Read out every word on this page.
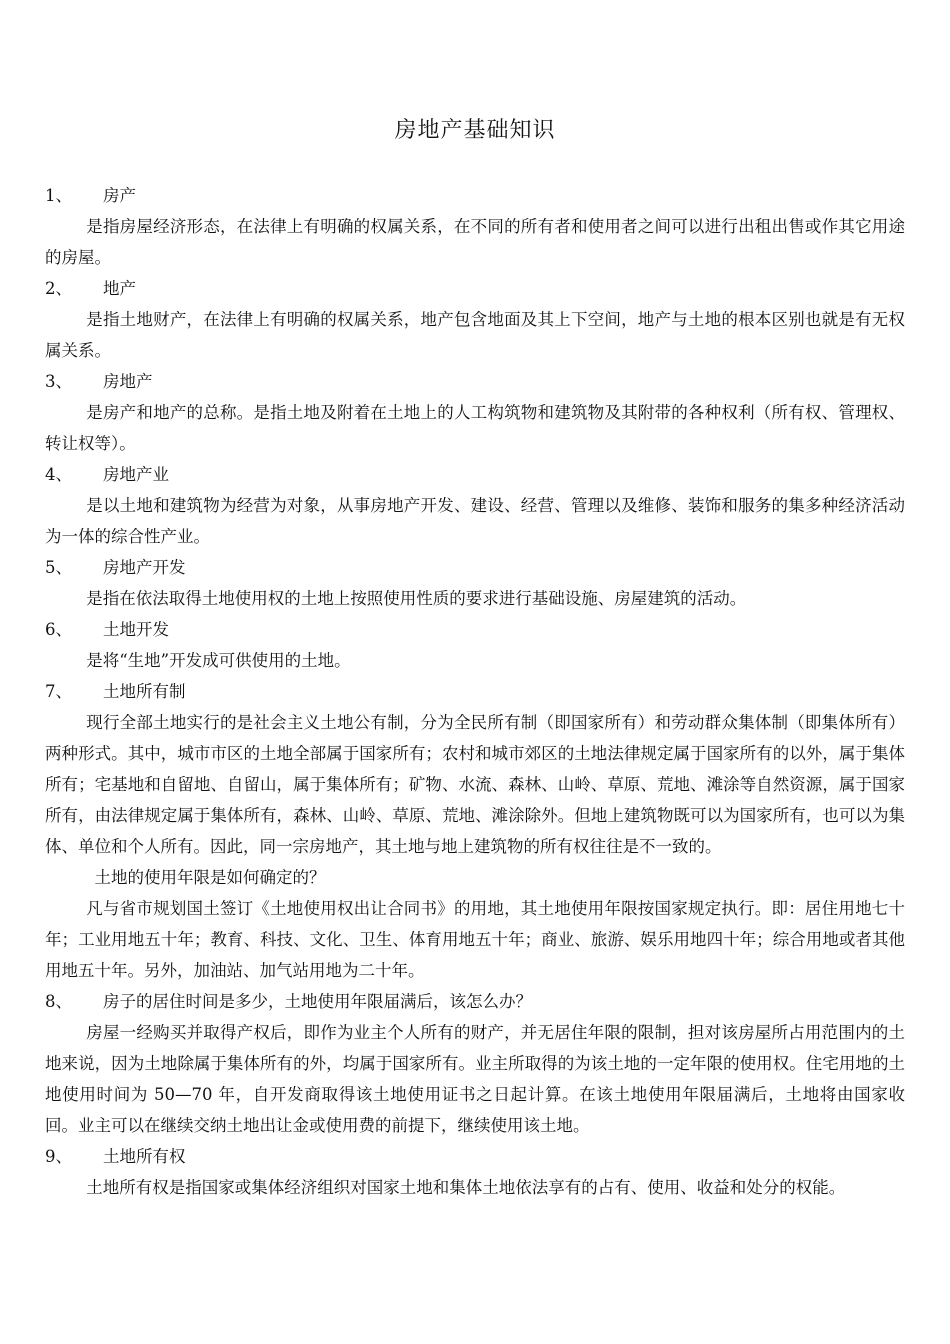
房地产基础知识

1、 房产

是指房屋经济形态，在法律上有明确的权属关系，在不同的所有者和使用者之间可以进行出租出售或作其它用途的房屋。

2、 地产

是指土地财产，在法律上有明确的权属关系，地产包含地面及其上下空间，地产与土地的根本区别也就是有无权属关系。

3、 房地产

是房产和地产的总称。是指土地及附着在土地上的人工构筑物和建筑物及其附带的各种权利（所有权、管理权、转让权等）。

4、 房地产业

是以土地和建筑物为经营为对象，从事房地产开发、建设、经营、管理以及维修、装饰和服务的集多种经济活动为一体的综合性产业。

5、 房地产开发

是指在依法取得土地使用权的土地上按照使用性质的要求进行基础设施、房屋建筑的活动。

6、 土地开发

是将“生地”开发成可供使用的土地。

7、 土地所有制

现行全部土地实行的是社会主义土地公有制，分为全民所有制（即国家所有）和劳动群众集体制（即集体所有）两种形式。其中，城市市区的土地全部属于国家所有；农村和城市郊区的土地法律规定属于国家所有的以外，属于集体所有；宅基地和自留地、自留山，属于集体所有；矿物、水流、森林、山岭、草原、荒地、滩涂等自然资源，属于国家所有，由法律规定属于集体所有，森林、山岭、草原、荒地、滩涂除外。但地上建筑物既可以为国家所有，也可以为集体、单位和个人所有。因此，同一宗房地产，其土地与地上建筑物的所有权往往是不一致的。

土地的使用年限是如何确定的？

凡与省市规划国土签订《土地使用权出让合同书》的用地，其土地使用年限按国家规定执行。即：居住用地七十年；工业用地五十年；教育、科技、文化、卫生、体育用地五十年；商业、旅游、娱乐用地四十年；综合用地或者其他用地五十年。另外，加油站、加气站用地为二十年。

8、 房子的居住时间是多少，土地使用年限届满后，该怎么办？

房屋一经购买并取得产权后，即作为业主个人所有的财产，并无居住年限的限制，担对该房屋所占用范围内的土地来说，因为土地除属于集体所有的外，均属于国家所有。业主所取得的为该土地的一定年限的使用权。住宅用地的土地使用时间为 50—70 年，自开发商取得该土地使用证书之日起计算。在该土地使用年限届满后，土地将由国家收回。业主可以在继续交纳土地出让金或使用费的前提下，继续使用该土地。

9、 土地所有权

土地所有权是指国家或集体经济组织对国家土地和集体土地依法享有的占有、使用、收益和处分的权能。
